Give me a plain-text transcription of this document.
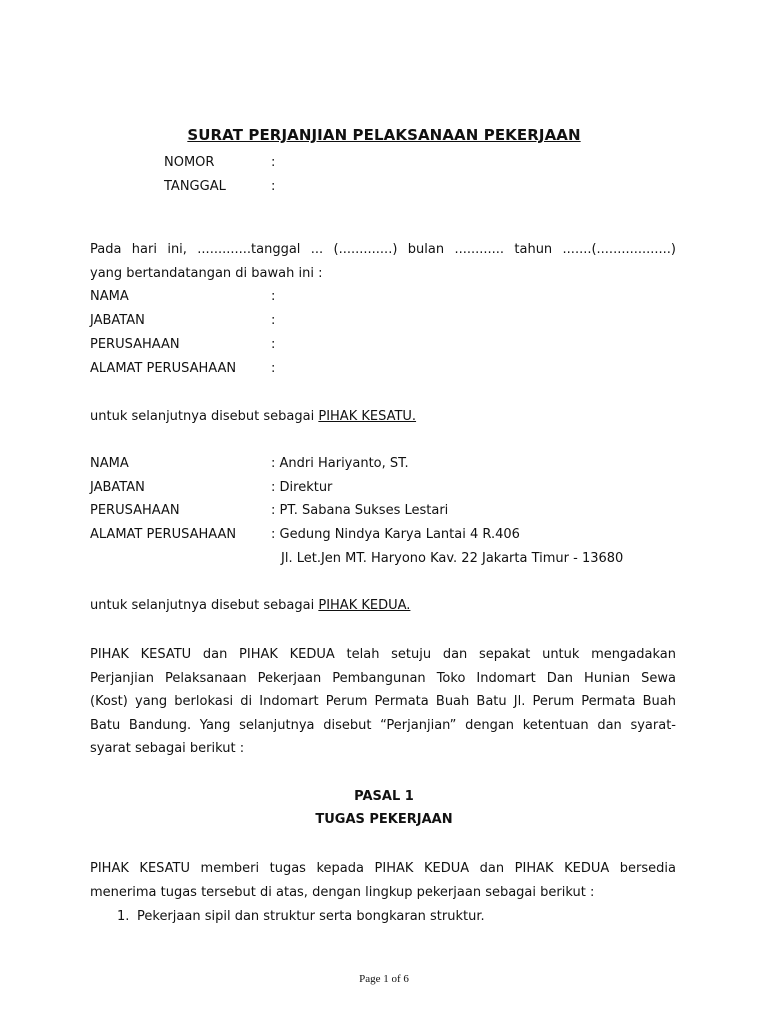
SURAT PERJANJIAN PELAKSANAAN PEKERJAAN
NOMOR	:
TANGGAL	:
Pada hari ini, .............tanggal ... (.............) bulan ............ tahun .......(..................)
yang bertandatangan di bawah ini :
NAMA	:
JABATAN	:
PERUSAHAAN	:
ALAMAT PERUSAHAAN	:
untuk selanjutnya disebut sebagai PIHAK KESATU.
NAMA	: Andri Hariyanto, ST.
JABATAN	: Direktur
PERUSAHAAN	: PT. Sabana Sukses Lestari
ALAMAT PERUSAHAAN	: Gedung Nindya Karya Lantai 4 R.406
Jl. Let.Jen MT. Haryono Kav. 22 Jakarta Timur - 13680
untuk selanjutnya disebut sebagai PIHAK KEDUA.
PIHAK KESATU dan PIHAK KEDUA telah setuju dan sepakat untuk mengadakan
Perjanjian Pelaksanaan Pekerjaan Pembangunan Toko Indomart Dan Hunian Sewa
(Kost) yang berlokasi di Indomart Perum Permata Buah Batu Jl. Perum Permata Buah
Batu Bandung. Yang selanjutnya disebut “Perjanjian” dengan ketentuan dan syarat-
syarat sebagai berikut :
PASAL 1
TUGAS PEKERJAAN
PIHAK KESATU memberi tugas kepada PIHAK KEDUA dan PIHAK KEDUA bersedia
menerima tugas tersebut di atas, dengan lingkup pekerjaan sebagai berikut :
1. Pekerjaan sipil dan struktur serta bongkaran struktur.
Page 1 of 6
